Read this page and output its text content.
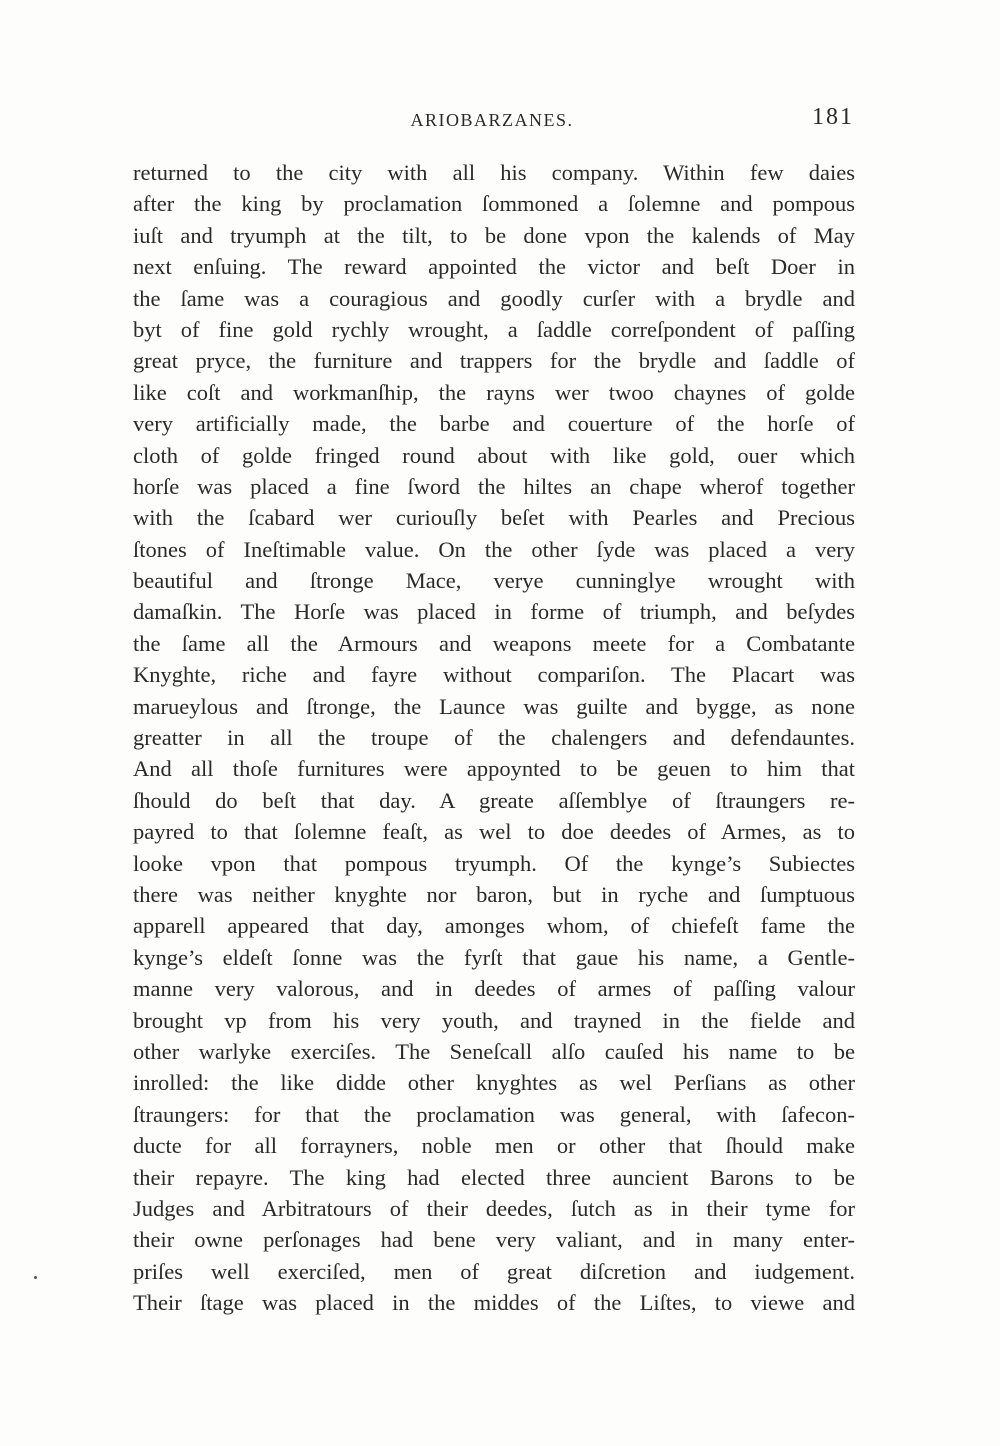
ARIOBARZANES.	181
returned to the city with all his company. Within few daies
after the king by proclamation ſommoned a ſolemne and pompous
iuſt and tryumph at the tilt, to be done vpon the kalends of May
next enſuing. The reward appointed the victor and beſt Doer in
the ſame was a couragious and goodly curſer with a brydle and
byt of fine gold rychly wrought, a ſaddle correſpondent of paſſing
great pryce, the furniture and trappers for the brydle and ſaddle of
like coſt and workmanſhip, the rayns wer twoo chaynes of golde
very artificially made, the barbe and couerture of the horſe of
cloth of golde fringed round about with like gold, ouer which
horſe was placed a fine ſword the hiltes an chape wherof together
with the ſcabard wer curiouſly beſet with Pearles and Precious
ſtones of Ineſtimable value. On the other ſyde was placed a very
beautiful and ſtronge Mace, verye cunninglye wrought with
damaſkin. The Horſe was placed in forme of triumph, and beſydes
the ſame all the Armours and weapons meete for a Combatante
Knyghte, riche and fayre without compariſon. The Placart was
marueylous and ſtronge, the Launce was guilte and bygge, as none
greatter in all the troupe of the chalengers and defendauntes.
And all thoſe furnitures were appoynted to be geuen to him that
ſhould do beſt that day. A greate aſſemblye of ſtraungers re-
payred to that ſolemne feaſt, as wel to doe deedes of Armes, as to
looke vpon that pompous tryumph. Of the kynge’s Subiectes
there was neither knyghte nor baron, but in ryche and ſumptuous
apparell appeared that day, amonges whom, of chiefeſt fame the
kynge’s eldeſt ſonne was the fyrſt that gaue his name, a Gentle-
manne very valorous, and in deedes of armes of paſſing valour
brought vp from his very youth, and trayned in the fielde and
other warlyke exerciſes. The Seneſcall alſo cauſed his name to be
inrolled: the like didde other knyghtes as wel Perſians as other
ſtraungers: for that the proclamation was general, with ſafecon-
ducte for all forrayners, noble men or other that ſhould make
their repayre. The king had elected three auncient Barons to be
Judges and Arbitratours of their deedes, ſutch as in their tyme for
their owne perſonages had bene very valiant, and in many enter-
priſes well exerciſed, men of great diſcretion and iudgement.
Their ſtage was placed in the middes of the Liſtes, to viewe and
